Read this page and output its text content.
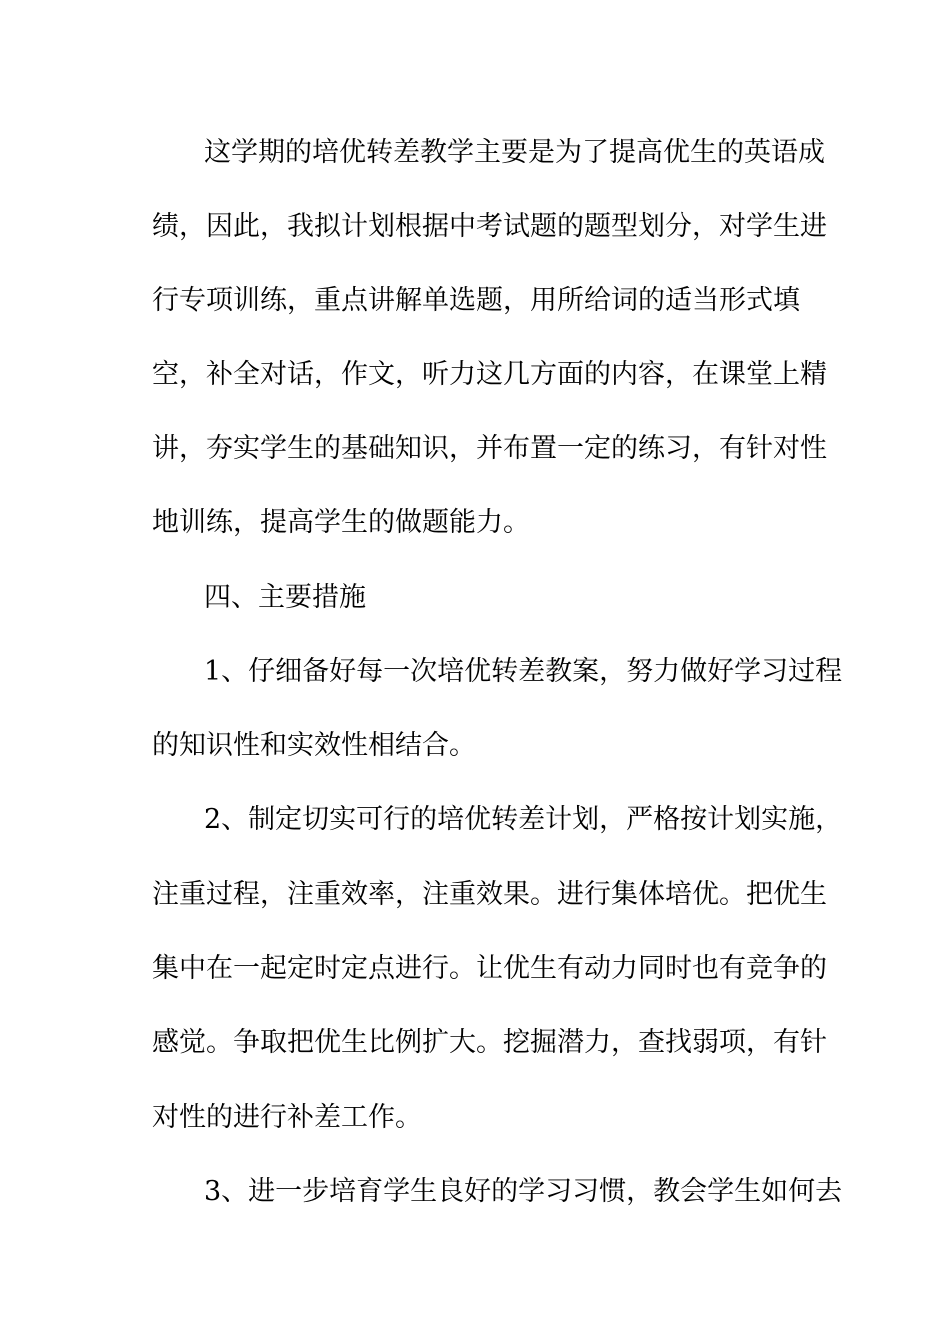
这学期的培优转差教学主要是为了提高优生的英语成

绩，因此，我拟计划根据中考试题的题型划分，对学生进

行专项训练，重点讲解单选题，用所给词的适当形式填

空，补全对话，作文，听力这几方面的内容，在课堂上精

讲，夯实学生的基础知识，并布置一定的练习，有针对性

地训练，提高学生的做题能力。

四、主要措施

1、仔细备好每一次培优转差教案，努力做好学习过程

的知识性和实效性相结合。

2、制定切实可行的培优转差计划，严格按计划实施，

注重过程，注重效率，注重效果。进行集体培优。把优生

集中在一起定时定点进行。让优生有动力同时也有竞争的

感觉。争取把优生比例扩大。挖掘潜力，查找弱项，有针

对性的进行补差工作。

3、进一步培育学生良好的学习习惯，教会学生如何去
